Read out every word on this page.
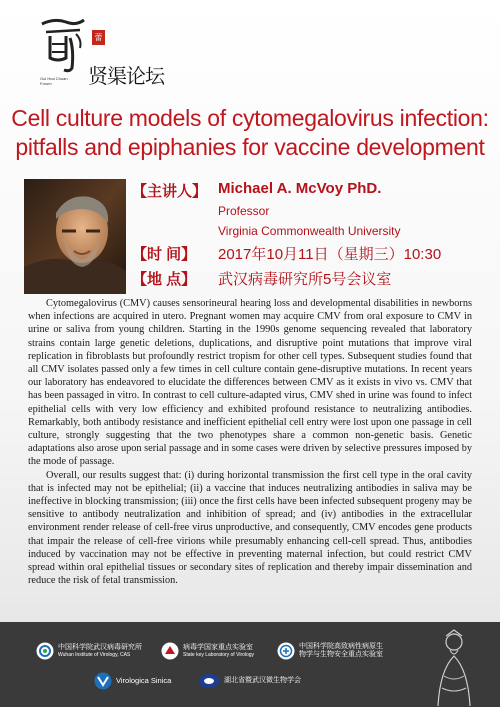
蕾
Gui Hua Chuan Forum	贤渠论坛
Cell culture models of cytomegalovirus infection:
pitfalls and epiphanies for vaccine development
【主讲人】 Michael A. McVoy PhD.
Professor
Virginia Commonwealth University
【时 间】 2017年10月11日（星期三）10:30
【地 点】 武汉病毒研究所5号会议室

Cytomegalovirus (CMV) causes sensorineural hearing loss and developmental disabilities in newborns when infections are acquired in utero. Pregnant women may acquire CMV from oral exposure to CMV in urine or saliva from young children. Starting in the 1990s genome sequencing revealed that laboratory strains contain large genetic deletions, duplications, and disruptive point mutations that improve viral replication in fibroblasts but profoundly restrict tropism for other cell types. Subsequent studies found that all CMV isolates passed only a few times in cell culture contain gene-disruptive mutations. In recent years our laboratory has endeavored to elucidate the differences between CMV as it exists in vivo vs. CMV that has been passaged in vitro. In contrast to cell culture-adapted virus, CMV shed in urine was found to infect epithelial cells with very low efficiency and exhibited profound resistance to neutralizing antibodies. Remarkably, both antibody resistance and inefficient epithelial cell entry were lost upon one passage in cell culture, strongly suggesting that the two phenotypes share a common non-genetic basis. Genetic adaptations also arose upon serial passage and in some cases were driven by selective pressures imposed by the mode of passage.

Overall, our results suggest that: (i) during horizontal transmission the first cell type in the oral cavity that is infected may not be epithelial; (ii) a vaccine that induces neutralizing antibodies in saliva may be ineffective in blocking transmission; (iii) once the first cells have been infected subsequent progeny may be sensitive to antibody neutralization and inhibition of spread; and (iv) antibodies in the extracellular environment render release of cell-free virus unproductive, and consequently, CMV encodes gene products that impair the release of cell-free virions while presumably enhancing cell-cell spread. Thus, antibodies induced by vaccination may not be effective in preventing maternal infection, but could restrict CMV spread within oral epithelial tissues or secondary sites of replication and thereby impair dissemination and reduce the risk of fetal transmission.

中国科学院武汉病毒研究所
Wuhan Institute of Virology, CAS
病毒学国家重点实验室
State key Laboratory of Virology
中国科学院高致病性病原生
物学与生物安全重点实验室
Virologica Sinica	湖北省暨武汉微生物学会
